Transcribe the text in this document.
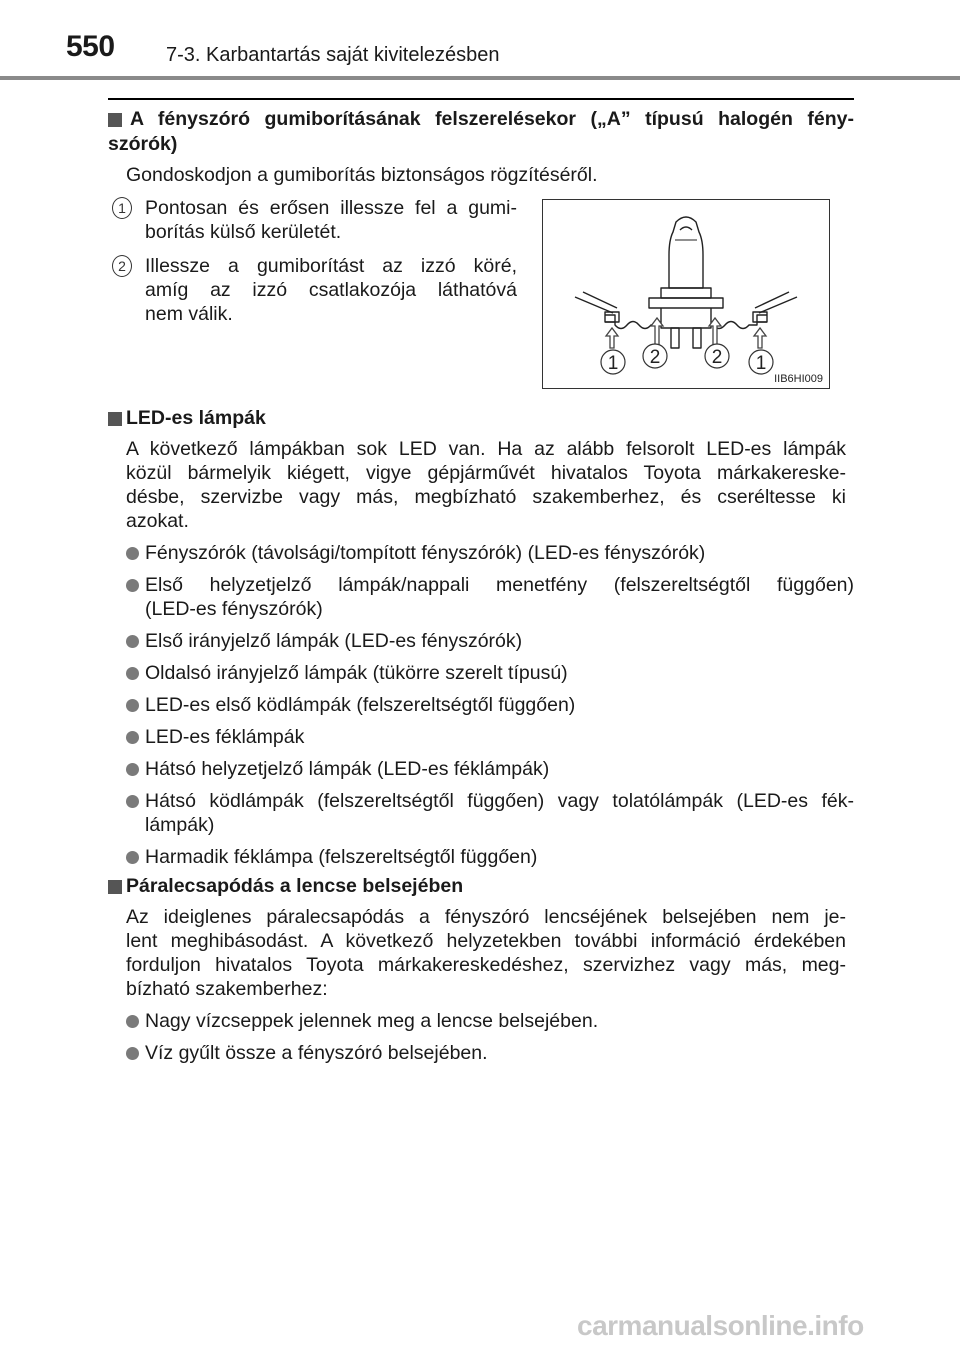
550	7-3. Karbantartás saját kivitelezésben
A fényszóró gumiborításának felszerelésekor („A” típusú halogén fény-
szórók)
Gondoskodjon a gumiborítás biztonságos rögzítéséről.
1 Pontosan és erősen illessze fel a gumi-
borítás külső kerületét.
2 Illessze a gumiborítást az izzó köré,
amíg az izzó csatlakozója láthatóvá
nem válik.
1 2	2 1
IIB6HI009
LED-es lámpák
A következő lámpákban sok LED van. Ha az alább felsorolt LED-es lámpák
közül bármelyik kiégett, vigye gépjárművét hivatalos Toyota márkakereske-
désbe, szervizbe vagy más, megbízható szakemberhez, és cseréltesse ki
azokat.
Fényszórók (távolsági/tompított fényszórók) (LED-es fényszórók)
Első helyzetjelző lámpák/nappali menetfény (felszereltségtől függően)
(LED-es fényszórók)
Első irányjelző lámpák (LED-es fényszórók)
Oldalsó irányjelző lámpák (tükörre szerelt típusú)
LED-es első ködlámpák (felszereltségtől függően)
LED-es féklámpák
Hátsó helyzetjelző lámpák (LED-es féklámpák)
Hátsó ködlámpák (felszereltségtől függően) vagy tolatólámpák (LED-es fék-
lámpák)
Harmadik féklámpa (felszereltségtől függően)
Páralecsapódás a lencse belsejében
Az ideiglenes páralecsapódás a fényszóró lencséjének belsejében nem je-
lent meghibásodást. A következő helyzetekben további információ érdekében
forduljon hivatalos Toyota márkakereskedéshez, szervizhez vagy más, meg-
bízható szakemberhez:
Nagy vízcseppek jelennek meg a lencse belsejében.
Víz gyűlt össze a fényszóró belsejében.
carmanualsonline.info
